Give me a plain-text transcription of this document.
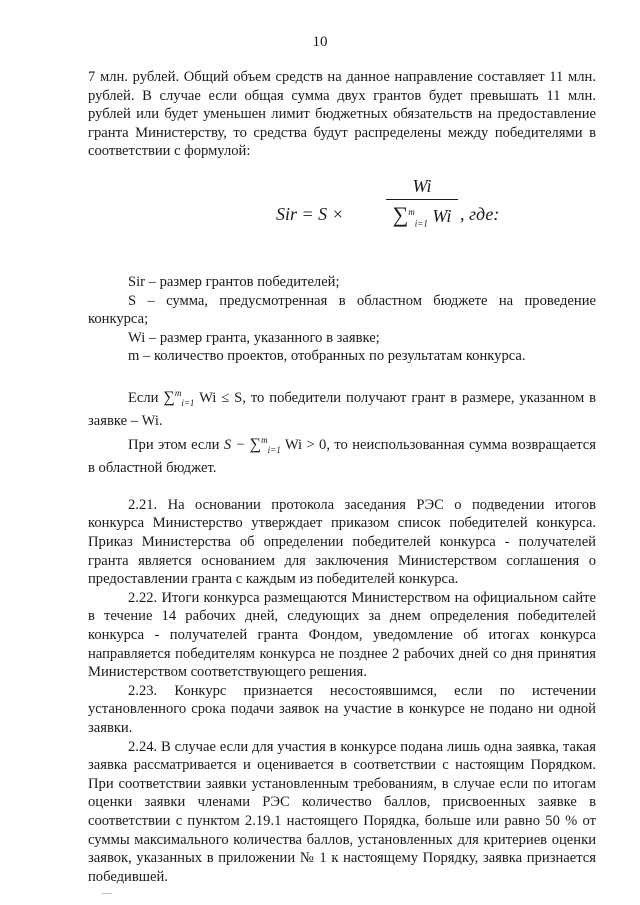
10

7 млн. рублей. Общий объем средств на данное направление составляет 11 млн. рублей. В случае если общая сумма двух грантов будет превышать 11 млн. рублей или будет уменьшен лимит бюджетных обязательств на предоставление гранта Министерству, то средства будут распределены между победителями в соответствии с формулой:

Sir = S ×
Wi
∑$^m_{i=1}$ Wi , где:

Sir – размер грантов победителей;

S – сумма, предусмотренная в областном бюджете на проведение конкурса;

Wi – размер гранта, указанного в заявке;

m – количество проектов, отобранных по результатам конкурса.

Если ∑$^m_{i=1}$ Wi ≤ S, то победители получают грант в размере, указанном в заявке – Wi.

При этом если S − ∑$^m_{i=1}$ Wi > 0, то неиспользованная сумма возвращается в областной бюджет.

2.21. На основании протокола заседания РЭС о подведении итогов конкурса Министерство утверждает приказом список победителей конкурса. Приказ Министерства об определении победителей конкурса - получателей гранта является основанием для заключения Министерством соглашения о предоставлении гранта с каждым из победителей конкурса.

2.22. Итоги конкурса размещаются Министерством на официальном сайте в течение 14 рабочих дней, следующих за днем определения победителей конкурса - получателей гранта Фондом, уведомление об итогах конкурса направляется победителям конкурса не позднее 2 рабочих дней со дня принятия Министерством соответствующего решения.

2.23. Конкурс признается несостоявшимся, если по истечении установленного срока подачи заявок на участие в конкурсе не подано ни одной заявки.

2.24. В случае если для участия в конкурсе подана лишь одна заявка, такая заявка рассматривается и оценивается в соответствии с настоящим Порядком. При соответствии заявки установленным требованиям, в случае если по итогам оценки заявки членами РЭС количество баллов, присвоенных заявке в соответствии с пунктом 2.19.1 настоящего Порядка, больше или равно 50 % от суммы максимального количества баллов, установленных для критериев оценки заявок, указанных в приложении № 1 к настоящему Порядку, заявка признается победившей.

—
